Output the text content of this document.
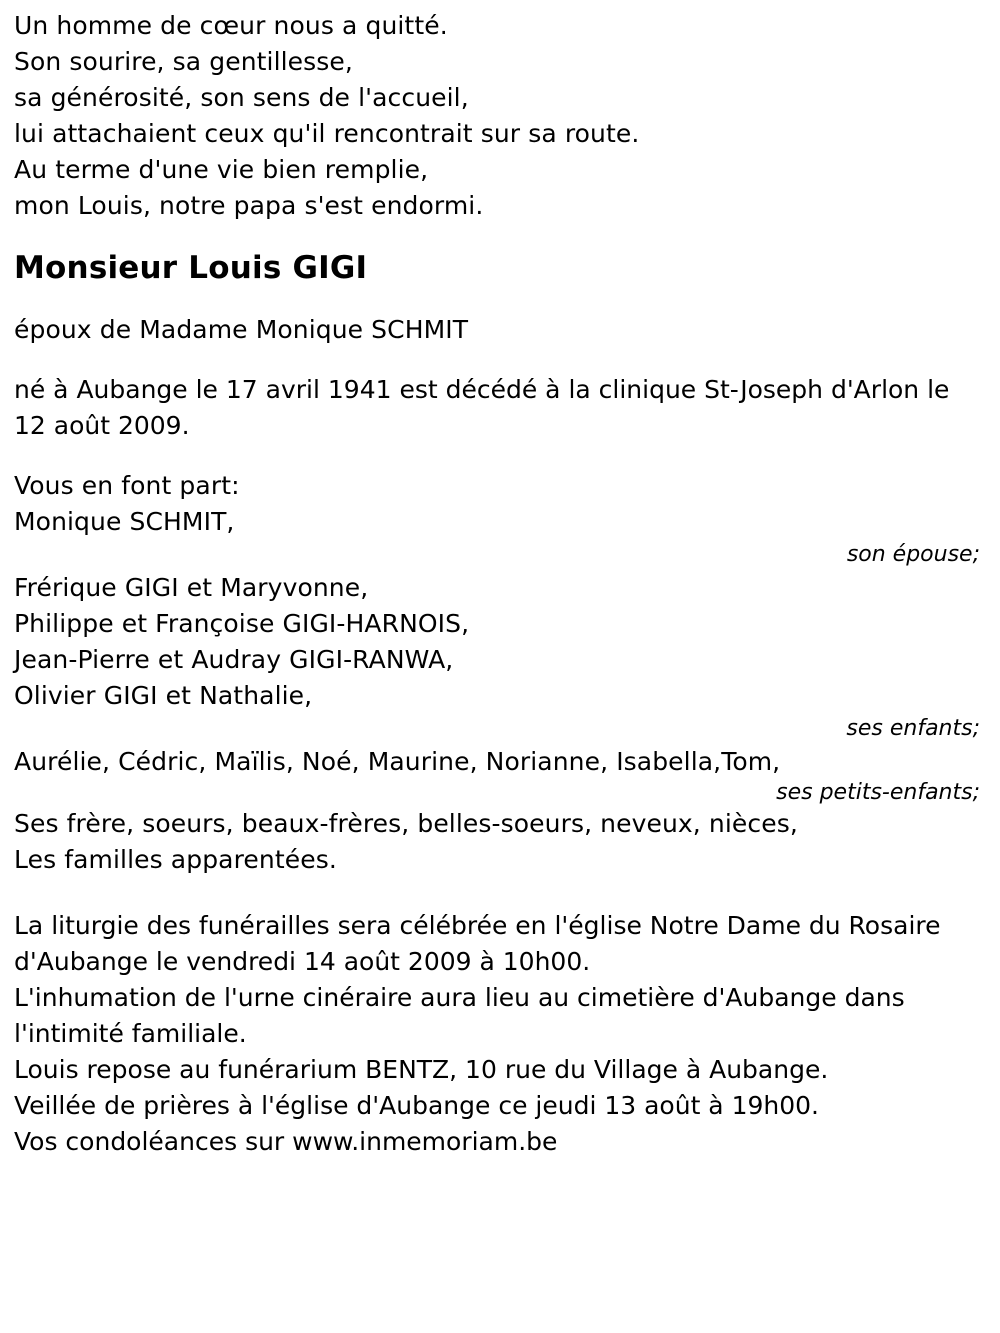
Un homme de cœur nous a quitté.
Son sourire, sa gentillesse,
sa générosité, son sens de l'accueil,
lui attachaient ceux qu'il rencontrait sur sa route.
Au terme d'une vie bien remplie,
mon Louis, notre papa s'est endormi.
Monsieur Louis GIGI
époux de Madame Monique SCHMIT
né à Aubange le 17 avril 1941 est décédé à la clinique St-Joseph d'Arlon le 12 août 2009.
Vous en font part:
Monique SCHMIT,
son épouse;
Frérique GIGI et Maryvonne,
Philippe et Françoise GIGI-HARNOIS,
Jean-Pierre et Audray GIGI-RANWA,
Olivier GIGI et Nathalie,
ses enfants;
Aurélie, Cédric, Maïlis, Noé, Maurine, Norianne, Isabella,Tom,
ses petits-enfants;
Ses frère, soeurs, beaux-frères, belles-soeurs, neveux, nièces,
Les familles apparentées.
La liturgie des funérailles sera célébrée en l'église Notre Dame du Rosaire d'Aubange le vendredi 14 août 2009 à 10h00.
L'inhumation de l'urne cinéraire aura lieu au cimetière d'Aubange dans l'intimité familiale.
Louis repose au funérarium BENTZ, 10 rue du Village à Aubange.
Veillée de prières à l'église d'Aubange ce jeudi 13 août à 19h00.
Vos condoléances sur www.inmemoriam.be
